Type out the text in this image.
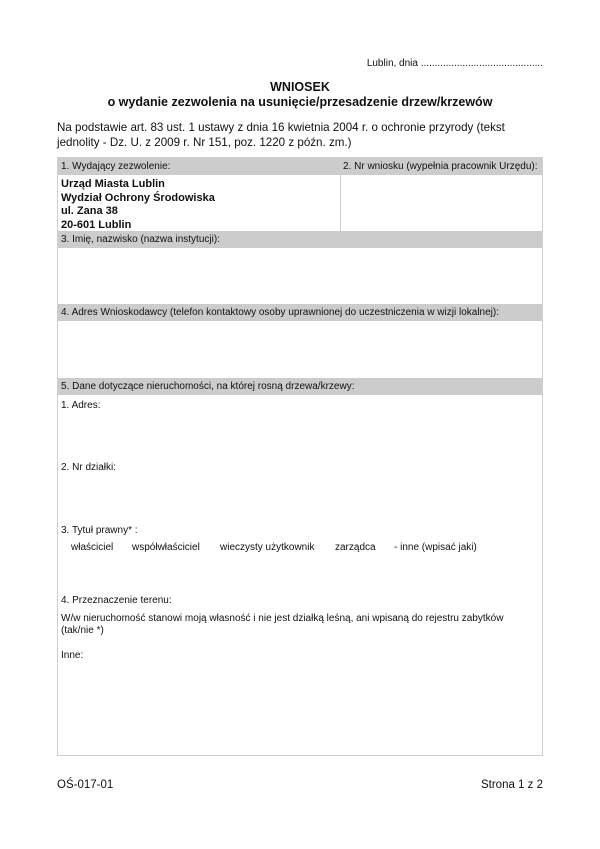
Lublin, dnia ............................................
WNIOSEK
o wydanie zezwolenia na usunięcie/przesadzenie drzew/krzewów
Na podstawie art. 83 ust. 1 ustawy z dnia 16 kwietnia 2004 r. o ochronie przyrody (tekst jednolity - Dz. U. z 2009 r. Nr 151, poz. 1220 z późn. zm.)
1. Wydający zezwolenie:	2. Nr wniosku (wypełnia pracownik Urzędu):
Urząd Miasta Lublin
Wydział Ochrony Środowiska
ul. Zana 38
20-601 Lublin
3. Imię, nazwisko (nazwa instytucji):
4. Adres Wnioskodawcy (telefon kontaktowy osoby uprawnionej do uczestniczenia w wizji lokalnej):
5. Dane dotyczące nieruchomości, na której rosną drzewa/krzewy:
1. Adres:
2. Nr działki:
3. Tytuł prawny* :
właściciel współwłaściciel wieczysty użytkownik zarządca - inne (wpisać jaki)
4. Przeznaczenie terenu:
W/w nieruchomość stanowi moją własność i nie jest działką leśną, ani wpisaną do rejestru zabytków
(tak/nie *)
Inne:
OŚ-017-01	Strona 1 z 2
